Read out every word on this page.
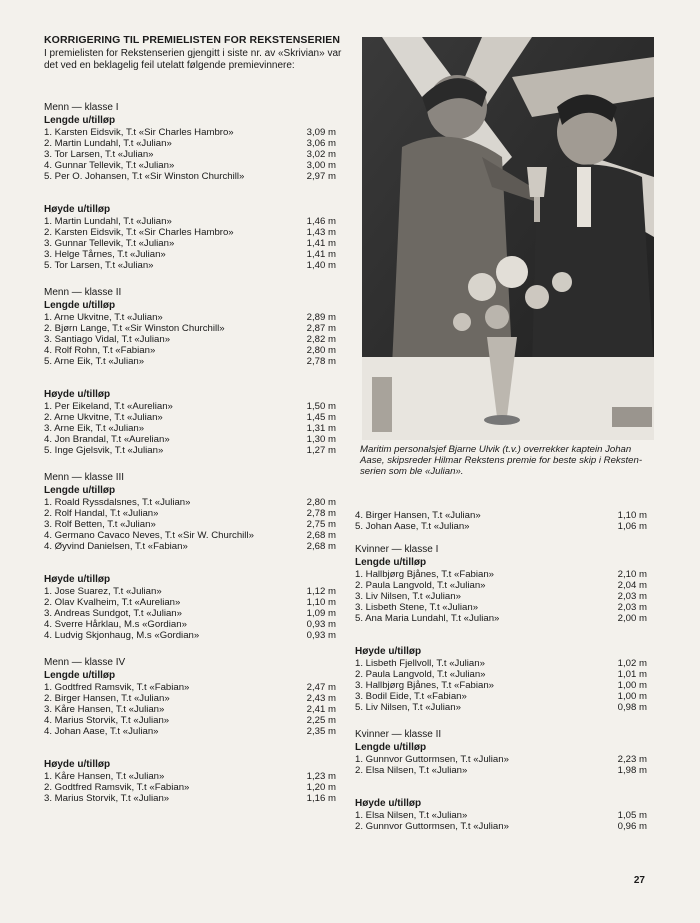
KORRIGERING TIL PREMIELISTEN FOR REKSTENSERIEN

I premielisten for Rekstenserien gjengitt i siste nr. av «Skrivian» var det ved en beklagelig feil utelatt følgende premievinnere:

Menn — klasse I

Lengde u/tilløp

1. Karsten Eidsvik, T.t «Sir Charles Hambro»	3,09 m
2. Martin Lundahl, T.t «Julian»	3,06 m
3. Tor Larsen, T.t «Julian»	3,02 m
4. Gunnar Tellevik, T.t «Julian»	3,00 m
5. Per O. Johansen, T.t «Sir Winston Churchill»	2,97 m

Høyde u/tilløp

1. Martin Lundahl, T.t «Julian»	1,46 m
2. Karsten Eidsvik, T.t «Sir Charles Hambro»	1,43 m
3. Gunnar Tellevik, T.t «Julian»	1,41 m
3. Helge Tårnes, T.t «Julian»	1,41 m
5. Tor Larsen, T.t «Julian»	1,40 m

Menn — klasse II

Lengde u/tilløp

1. Arne Ukvitne, T.t «Julian»	2,89 m
2. Bjørn Lange, T.t «Sir Winston Churchill»	2,87 m
3. Santiago Vidal, T.t «Julian»	2,82 m
4. Rolf Rohn, T.t «Fabian»	2,80 m
5. Arne Eik, T.t «Julian»	2,78 m

Høyde u/tilløp

1. Per Eikeland, T.t «Aurelian»	1,50 m
2. Arne Ukvitne, T.t «Julian»	1,45 m
3. Arne Eik, T.t «Julian»	1,31 m
4. Jon Brandal, T.t «Aurelian»	1,30 m
5. Inge Gjelsvik, T.t «Julian»	1,27 m

Menn — klasse III

Lengde u/tilløp

1. Roald Ryssdalsnes, T.t «Julian»	2,80 m
2. Rolf Handal, T.t «Julian»	2,78 m
3. Rolf Betten, T.t «Julian»	2,75 m
4. Germano Cavaco Neves, T.t «Sir W. Churchill»	2,68 m
4. Øyvind Danielsen, T.t «Fabian»	2,68 m

Høyde u/tilløp

1. Jose Suarez, T.t «Julian»	1,12 m
2. Olav Kvalheim, T.t «Aurelian»	1,10 m
3. Andreas Sundgot, T.t «Julian»	1,09 m
4. Sverre Hårklau, M.s «Gordian»	0,93 m
4. Ludvig Skjonhaug, M.s «Gordian»	0,93 m

Menn — klasse IV

Lengde u/tilløp

1. Godtfred Ramsvik, T.t «Fabian»	2,47 m
2. Birger Hansen, T.t «Julian»	2,43 m
3. Kåre Hansen, T.t «Julian»	2,41 m
4. Marius Storvik, T.t «Julian»	2,25 m
4. Johan Aase, T.t «Julian»	2,35 m

Høyde u/tilløp

1. Kåre Hansen, T.t «Julian»	1,23 m
2. Godtfred Ramsvik, T.t «Fabian»	1,20 m
3. Marius Storvik, T.t «Julian»	1,16 m

Maritim personalsjef Bjarne Ulvik (t.v.) overrekker kaptein Johan Aase, skipsreder Hilmar Rekstens premie for beste skip i Reksten-serien som ble «Julian».

4. Birger Hansen, T.t «Julian»	1,10 m
5. Johan Aase, T.t «Julian»	1,06 m

Kvinner — klasse I

Lengde u/tilløp

1. Hallbjørg Bjånes, T.t «Fabian»	2,10 m
2. Paula Langvold, T.t «Julian»	2,04 m
3. Liv Nilsen, T.t «Julian»	2,03 m
3. Lisbeth Stene, T.t «Julian»	2,03 m
5. Ana Maria Lundahl, T.t «Julian»	2,00 m

Høyde u/tilløp

1. Lisbeth Fjellvoll, T.t «Julian»	1,02 m
2. Paula Langvold, T.t «Julian»	1,01 m
3. Hallbjørg Bjånes, T.t «Fabian»	1,00 m
3. Bodil Eide, T.t «Fabian»	1,00 m
5. Liv Nilsen, T.t «Julian»	0,98 m

Kvinner — klasse II

Lengde u/tilløp

1. Gunnvor Guttormsen, T.t «Julian»	2,23 m
2. Elsa Nilsen, T.t «Julian»	1,98 m

Høyde u/tilløp

1. Elsa Nilsen, T.t «Julian»	1,05 m
2. Gunnvor Guttormsen, T.t «Julian»	0,96 m
27
